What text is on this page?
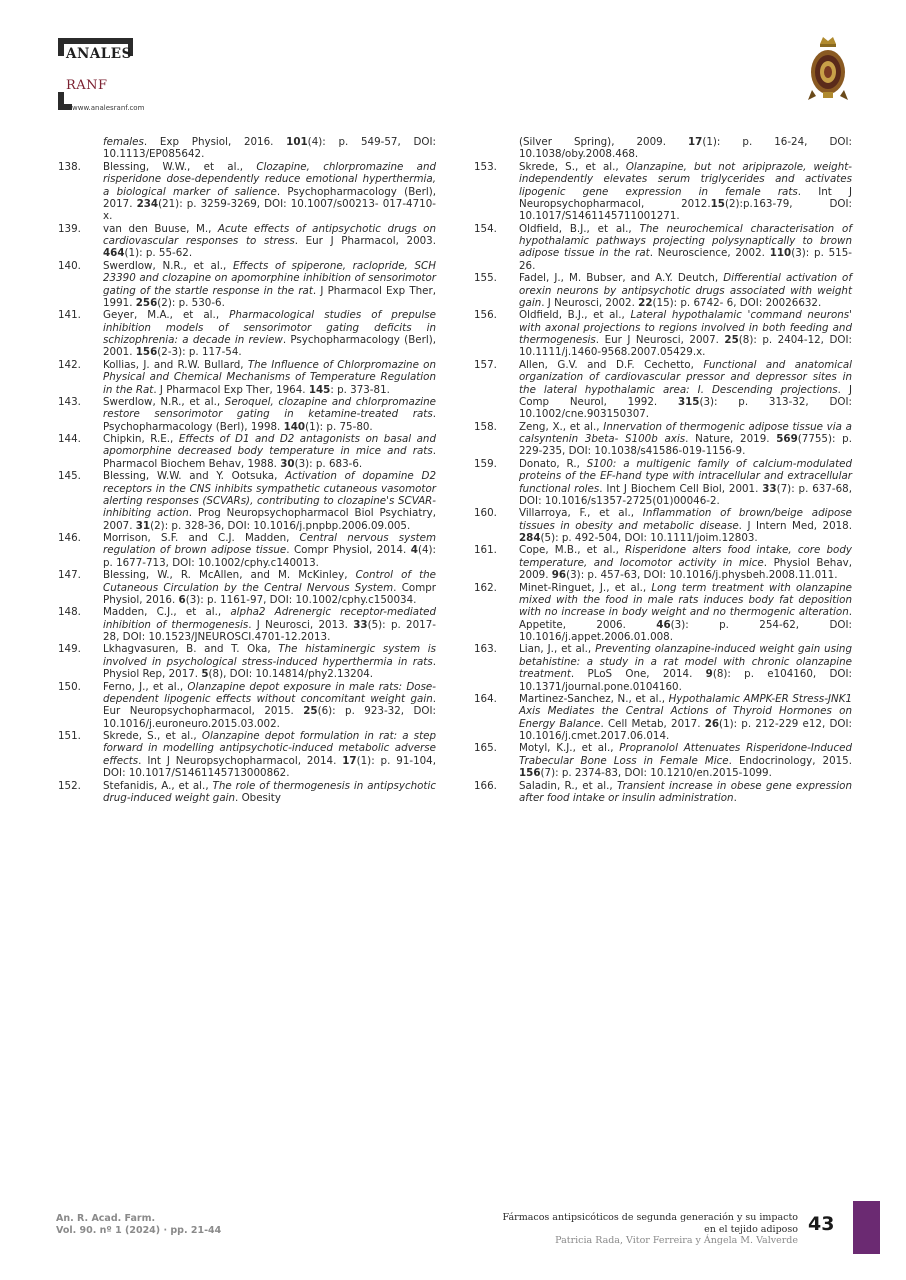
ANALES
RANF
www.analesranf.com
females. Exp Physiol, 2016. 101(4): p. 549-57, DOI: 10.1113/EP085642.
138. Blessing, W.W., et al., Clozapine, chlorpromazine and risperidone dose-dependently reduce emotional hyperthermia, a biological marker of salience. Psychopharmacology (Berl), 2017. 234(21): p. 3259-3269, DOI: 10.1007/s00213- 017-4710-x.
139. van den Buuse, M., Acute effects of antipsychotic drugs on cardiovascular responses to stress. Eur J Pharmacol, 2003. 464(1): p. 55-62.
140. Swerdlow, N.R., et al., Effects of spiperone, raclopride, SCH 23390 and clozapine on apomorphine inhibition of sensorimotor gating of the startle response in the rat. J Pharmacol Exp Ther, 1991. 256(2): p. 530-6.
141. Geyer, M.A., et al., Pharmacological studies of prepulse inhibition models of sensorimotor gating deficits in schizophrenia: a decade in review. Psychopharmacology (Berl), 2001. 156(2-3): p. 117-54.
142. Kollias, J. and R.W. Bullard, The Influence of Chlorpromazine on Physical and Chemical Mechanisms of Temperature Regulation in the Rat. J Pharmacol Exp Ther, 1964. 145: p. 373-81.
143. Swerdlow, N.R., et al., Seroquel, clozapine and chlorpromazine restore sensorimotor gating in ketamine-treated rats. Psychopharmacology (Berl), 1998. 140(1): p. 75-80.
144. Chipkin, R.E., Effects of D1 and D2 antagonists on basal and apomorphine decreased body temperature in mice and rats. Pharmacol Biochem Behav, 1988. 30(3): p. 683-6.
145. Blessing, W.W. and Y. Ootsuka, Activation of dopamine D2 receptors in the CNS inhibits sympathetic cutaneous vasomotor alerting responses (SCVARs), contributing to clozapine's SCVAR-inhibiting action. Prog Neuropsychopharmacol Biol Psychiatry, 2007. 31(2): p. 328-36, DOI: 10.1016/j.pnpbp.2006.09.005.
146. Morrison, S.F. and C.J. Madden, Central nervous system regulation of brown adipose tissue. Compr Physiol, 2014. 4(4): p. 1677-713, DOI: 10.1002/cphy.c140013.
147. Blessing, W., R. McAllen, and M. McKinley, Control of the Cutaneous Circulation by the Central Nervous System. Compr Physiol, 2016. 6(3): p. 1161-97, DOI: 10.1002/cphy.c150034.
148. Madden, C.J., et al., alpha2 Adrenergic receptor-mediated inhibition of thermogenesis. J Neurosci, 2013. 33(5): p. 2017-28, DOI: 10.1523/JNEUROSCI.4701-12.2013.
149. Lkhagvasuren, B. and T. Oka, The histaminergic system is involved in psychological stress-induced hyperthermia in rats. Physiol Rep, 2017. 5(8), DOI: 10.14814/phy2.13204.
150. Ferno, J., et al., Olanzapine depot exposure in male rats: Dose-dependent lipogenic effects without concomitant weight gain. Eur Neuropsychopharmacol, 2015. 25(6): p. 923-32, DOI: 10.1016/j.euroneuro.2015.03.002.
151. Skrede, S., et al., Olanzapine depot formulation in rat: a step forward in modelling antipsychotic-induced metabolic adverse effects. Int J Neuropsychopharmacol, 2014. 17(1): p. 91-104, DOI: 10.1017/S1461145713000862.
152. Stefanidis, A., et al., The role of thermogenesis in antipsychotic drug-induced weight gain. Obesity
(Silver Spring), 2009. 17(1): p. 16-24, DOI: 10.1038/oby.2008.468.
153. Skrede, S., et al., Olanzapine, but not aripiprazole, weight-independently elevates serum triglycerides and activates lipogenic gene expression in female rats. Int J Neuropsychopharmacol, 2012.15(2):p.163-79, DOI: 10.1017/S1461145711001271.
154. Oldfield, B.J., et al., The neurochemical characterisation of hypothalamic pathways projecting polysynaptically to brown adipose tissue in the rat. Neuroscience, 2002. 110(3): p. 515-26.
155. Fadel, J., M. Bubser, and A.Y. Deutch, Differential activation of orexin neurons by antipsychotic drugs associated with weight gain. J Neurosci, 2002. 22(15): p. 6742- 6, DOI: 20026632.
156. Oldfield, B.J., et al., Lateral hypothalamic 'command neurons' with axonal projections to regions involved in both feeding and thermogenesis. Eur J Neurosci, 2007. 25(8): p. 2404-12, DOI: 10.1111/j.1460-9568.2007.05429.x.
157. Allen, G.V. and D.F. Cechetto, Functional and anatomical organization of cardiovascular pressor and depressor sites in the lateral hypothalamic area: I. Descending projections. J Comp Neurol, 1992. 315(3): p. 313-32, DOI: 10.1002/cne.903150307.
158. Zeng, X., et al., Innervation of thermogenic adipose tissue via a calsyntenin 3beta- S100b axis. Nature, 2019. 569(7755): p. 229-235, DOI: 10.1038/s41586-019-1156-9.
159. Donato, R., S100: a multigenic family of calcium-modulated proteins of the EF-hand type with intracellular and extracellular functional roles. Int J Biochem Cell Biol, 2001. 33(7): p. 637-68, DOI: 10.1016/s1357-2725(01)00046-2.
160. Villarroya, F., et al., Inflammation of brown/beige adipose tissues in obesity and metabolic disease. J Intern Med, 2018. 284(5): p. 492-504, DOI: 10.1111/joim.12803.
161. Cope, M.B., et al., Risperidone alters food intake, core body temperature, and locomotor activity in mice. Physiol Behav, 2009. 96(3): p. 457-63, DOI: 10.1016/j.physbeh.2008.11.011.
162. Minet-Ringuet, J., et al., Long term treatment with olanzapine mixed with the food in male rats induces body fat deposition with no increase in body weight and no thermogenic alteration. Appetite, 2006. 46(3): p. 254-62, DOI: 10.1016/j.appet.2006.01.008.
163. Lian, J., et al., Preventing olanzapine-induced weight gain using betahistine: a study in a rat model with chronic olanzapine treatment. PLoS One, 2014. 9(8): p. e104160, DOI: 10.1371/journal.pone.0104160.
164. Martinez-Sanchez, N., et al., Hypothalamic AMPK-ER Stress-JNK1 Axis Mediates the Central Actions of Thyroid Hormones on Energy Balance. Cell Metab, 2017. 26(1): p. 212-229 e12, DOI: 10.1016/j.cmet.2017.06.014.
165. Motyl, K.J., et al., Propranolol Attenuates Risperidone-Induced Trabecular Bone Loss in Female Mice. Endocrinology, 2015. 156(7): p. 2374-83, DOI: 10.1210/en.2015-1099.
166. Saladin, R., et al., Transient increase in obese gene expression after food intake or insulin administration.
An. R. Acad. Farm.
Vol. 90. nº 1 (2024) · pp. 21-44
Fármacos antipsicóticos de segunda generación y su impacto
en el tejido adiposo
Patricia Rada, Vitor Ferreira y Ángela M. Valverde
43
